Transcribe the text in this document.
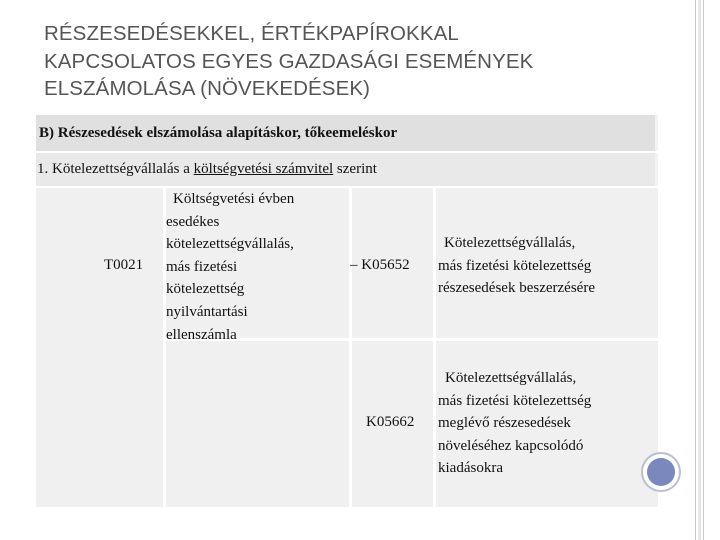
RÉSZESEDÉSEKKEL, ÉRTÉKPAPÍROKKAL
KAPCSOLATOS EGYES GAZDASÁGI ESEMÉNYEK
ELSZÁMOLÁSA (NÖVEKEDÉSEK)
B) Részesedések elszámolása alapításkor, tőkeemeléskor
1. Kötelezettségvállalás a költségvetési számvitel szerint
T0021
Költségvetési évben
esedékes
kötelezettségvállalás,
más fizetési
kötelezettség
nyilvántartási
ellenszámla
– K05652
Kötelezettségvállalás,
más fizetési kötelezettség
részesedések beszerzésére
K05662
Kötelezettségvállalás,
más fizetési kötelezettség
meglévő részesedések
növeléséhez kapcsolódó
kiadásokra
